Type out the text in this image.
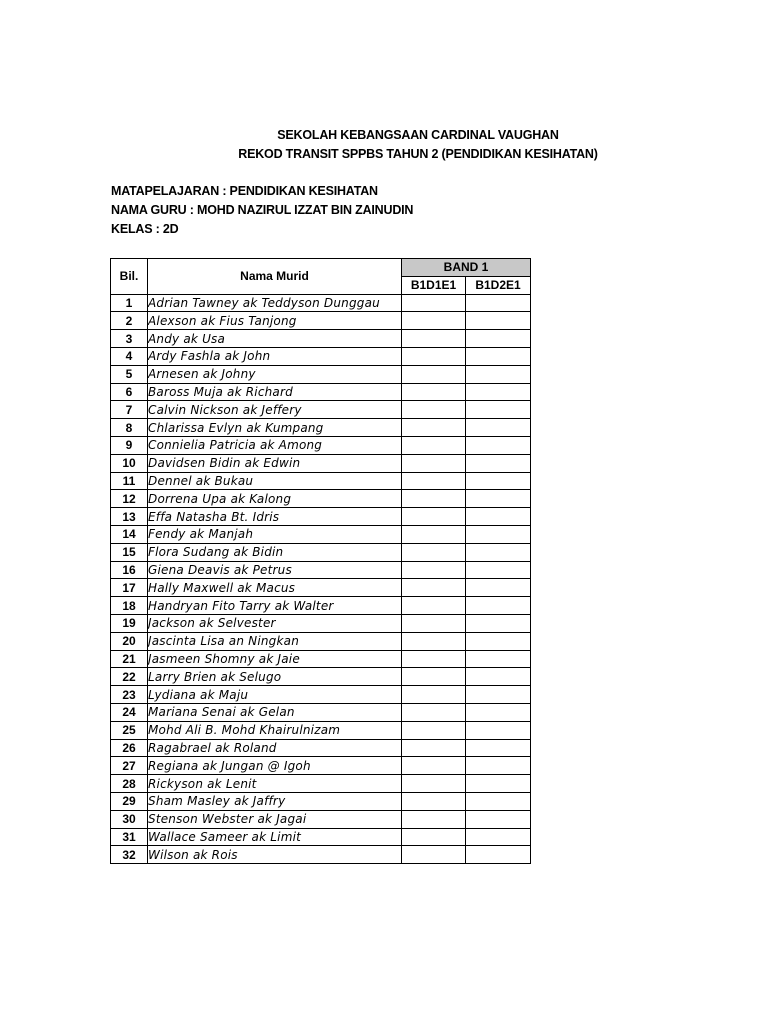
SEKOLAH KEBANGSAAN CARDINAL VAUGHAN
REKOD TRANSIT SPPBS TAHUN 2 (PENDIDIKAN KESIHATAN)
MATAPELAJARAN : PENDIDIKAN KESIHATAN
NAMA GURU : MOHD NAZIRUL IZZAT BIN ZAINUDIN
KELAS : 2D
Bil.	Nama Murid	BAND 1	
		B1D1E1	B1D2E1
1	Adrian Tawney ak Teddyson Dunggau		
2	Alexson ak Fius Tanjong		
3	Andy ak Usa		
4	Ardy Fashla ak John		
5	Arnesen ak Johny		
6	Baross Muja ak Richard		
7	Calvin Nickson ak Jeffery		
8	Chlarissa Evlyn ak Kumpang		
9	Connielia Patricia ak Among		
10	Davidsen Bidin ak Edwin		
11	Dennel ak Bukau		
12	Dorrena Upa ak Kalong		
13	Effa Natasha Bt. Idris		
14	Fendy ak Manjah		
15	Flora Sudang ak Bidin		
16	Giena Deavis ak Petrus		
17	Hally Maxwell ak Macus		
18	Handryan Fito Tarry ak Walter		
19	Jackson ak Selvester		
20	Jascinta Lisa an Ningkan		
21	Jasmeen Shomny ak Jaie		
22	Larry Brien ak Selugo		
23	Lydiana ak Maju		
24	Mariana Senai ak Gelan		
25	Mohd Ali B. Mohd Khairulnizam		
26	Ragabrael ak Roland		
27	Regiana ak Jungan @ Igoh		
28	Rickyson ak Lenit		
29	Sham Masley ak Jaffry		
30	Stenson Webster ak Jagai		
31	Wallace Sameer ak Limit		
32	Wilson ak Rois		
